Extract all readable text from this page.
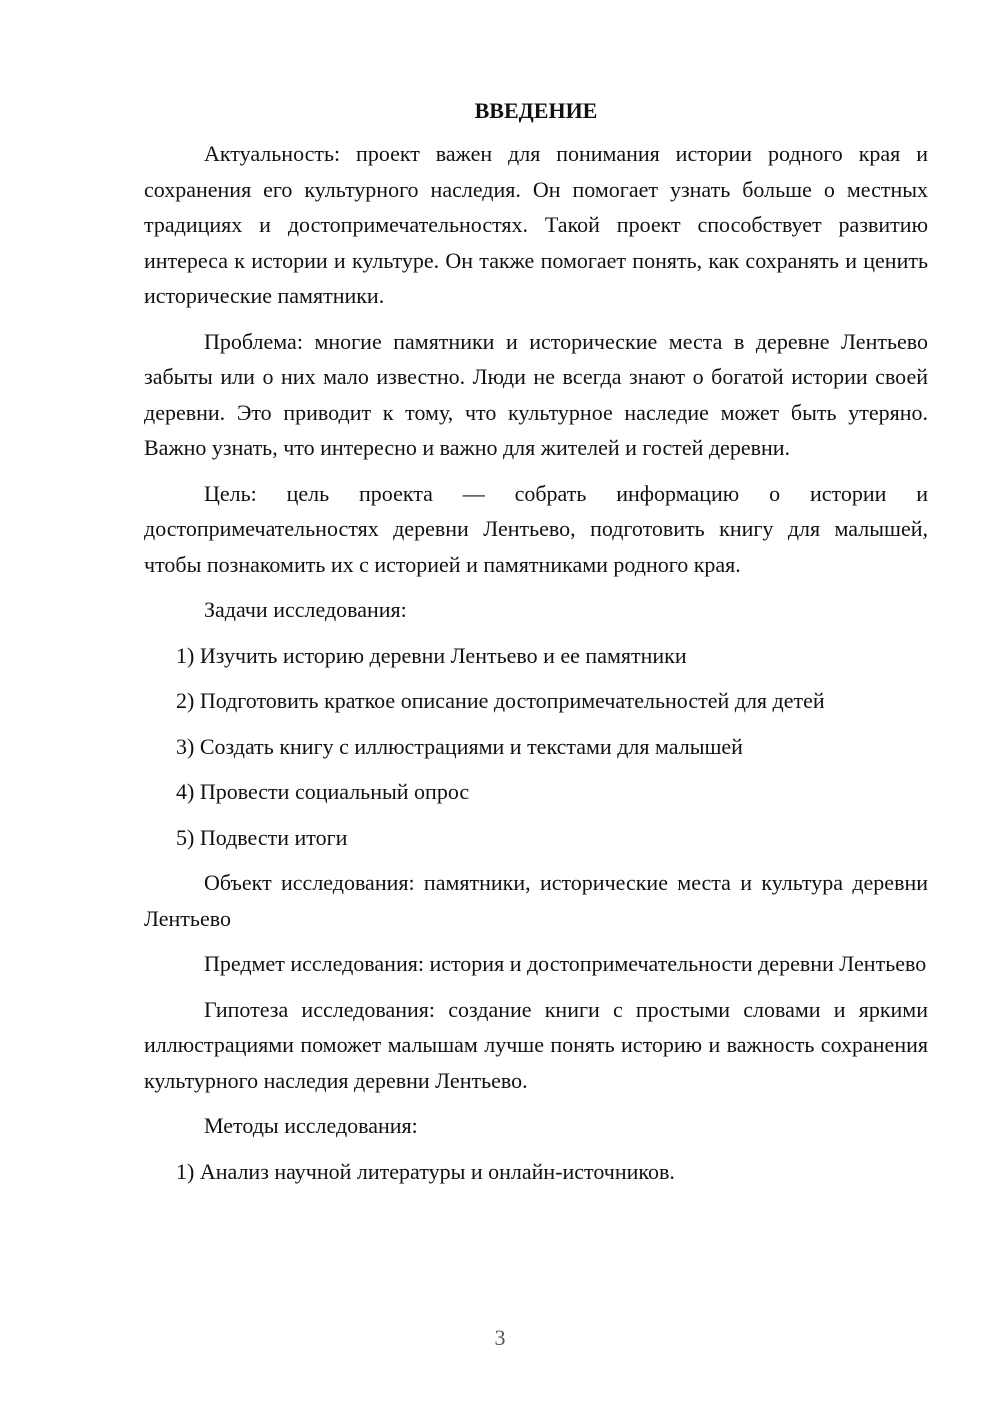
ВВЕДЕНИЕ

Актуальность: проект важен для понимания истории родного края и сохранения его культурного наследия. Он помогает узнать больше о местных традициях и достопримечательностях. Такой проект способствует развитию интереса к истории и культуре. Он также помогает понять, как сохранять и ценить исторические памятники.

Проблема: многие памятники и исторические места в деревне Лентьево забыты или о них мало известно. Люди не всегда знают о богатой истории своей деревни. Это приводит к тому, что культурное наследие может быть утеряно. Важно узнать, что интересно и важно для жителей и гостей деревни.

Цель: цель проекта — собрать информацию о истории и достопримечательностях деревни Лентьево, подготовить книгу для малышей, чтобы познакомить их с историей и памятниками родного края.

Задачи исследования:
1) Изучить историю деревни Лентьево и ее памятники
2) Подготовить краткое описание достопримечательностей для детей
3) Создать книгу с иллюстрациями и текстами для малышей
4) Провести социальный опрос
5) Подвести итоги

Объект исследования: памятники, исторические места и культура деревни Лентьево

Предмет исследования: история и достопримечательности деревни Лентьево

Гипотеза исследования: создание книги с простыми словами и яркими иллюстрациями поможет малышам лучше понять историю и важность сохранения культурного наследия деревни Лентьево.

Методы исследования:
1) Анализ научной литературы и онлайн-источников.
3
